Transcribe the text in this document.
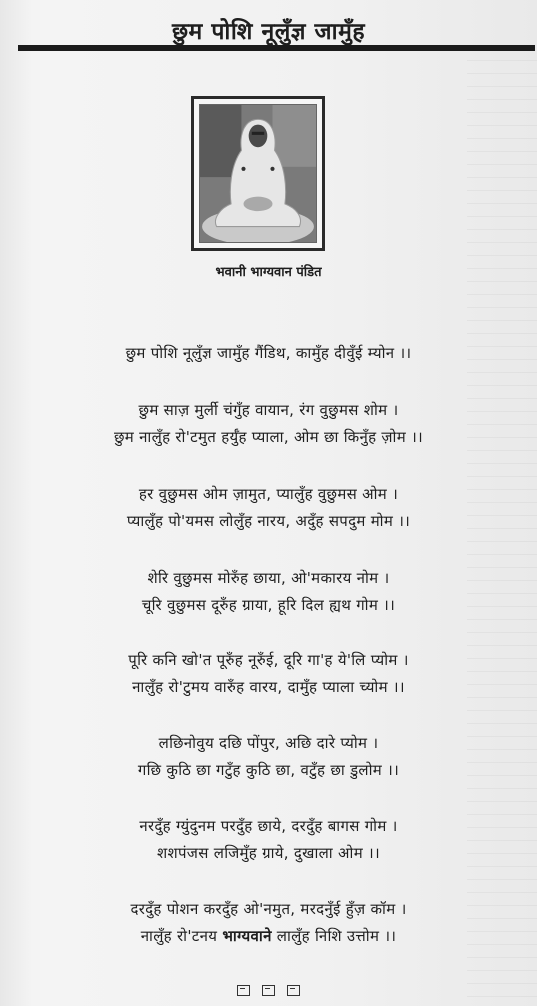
छुम पोशि नूलुँज्ञ जामुँह
भवानी भाग्यवान पंडित
छुम पोशि नूलुँज्ञ जामुँह गैंडिथ, कामुँह दीवुँई म्योन ।।
छुम साज़ मुर्ली चंगुँह वायान, रंग वुछुमस शोम ।
छुम नालुँह रो'टमुत हर्युँह प्याला, ओम छा किनुँह ज़ोम ।।
हर वुछुमस ओम ज़ामुत, प्यालुँह वुछुमस ओम ।
प्यालुँह पो'यमस लोलुँह नारय, अदुँह सपदुम मोम ।।
शेरि वुछुमस मोरुँह छाया, ओ'मकारय नोम ।
चूरि वुछुमस दूरुँह ग्राया, हूरि दिल ह्यथ गोम ।।
पूरि कनि खो'त पूरुँह नूरुँई, दूरि गा'ह ये'लि प्योम ।
नालुँह रो'टुमय वारुँह वारय, दामुँह प्याला च्योम ।।
लछिनोवुय दछि पोंपुर, अछि दारे प्योम ।
गछि कुठि छा गटुँह कुठि छा, वटुँह छा डुलोम ।।
नरदुँह ग्युंदुनम परदुँह छाये, दरदुँह बागस गोम ।
शशपंजस लजिमुँह ग्राये, दुखाला ओम ।।
दरदुँह पोशन करदुँह ओ'नमुत, मरदनुँई हुँज़ कॉम ।
नालुँह रो'टनय भाग्यवाने लालुँह निशि उत्तोम ।।
